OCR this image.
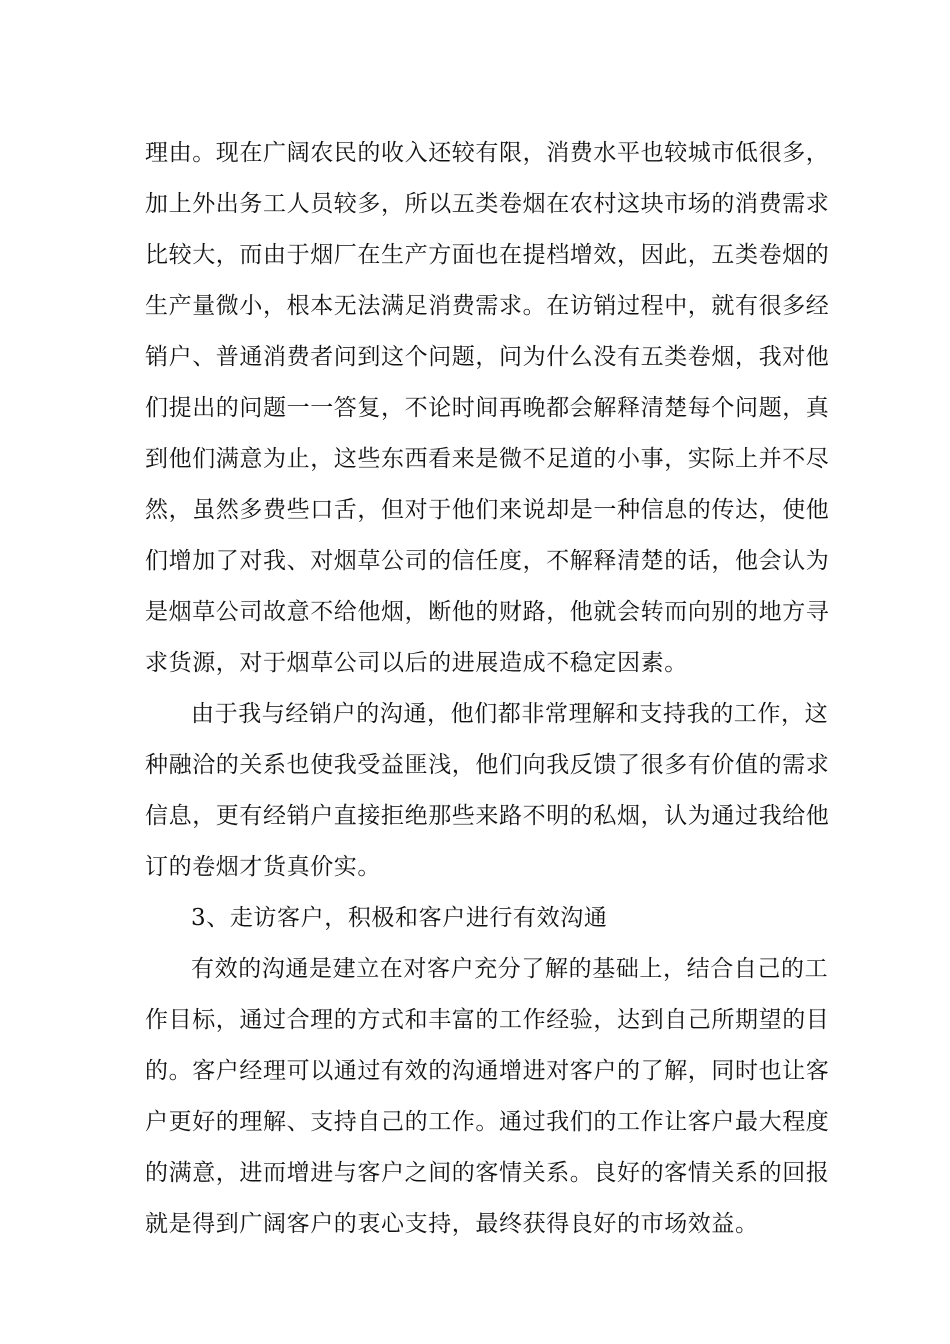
理由。现在广阔农民的收入还较有限，消费水平也较城市低很多，
加上外出务工人员较多，所以五类卷烟在农村这块市场的消费需求
比较大，而由于烟厂在生产方面也在提档增效，因此，五类卷烟的
生产量微小，根本无法满足消费需求。在访销过程中，就有很多经
销户、普通消费者问到这个问题，问为什么没有五类卷烟，我对他
们提出的问题一一答复，不论时间再晚都会解释清楚每个问题，真
到他们满意为止，这些东西看来是微不足道的小事，实际上并不尽
然，虽然多费些口舌，但对于他们来说却是一种信息的传达，使他
们增加了对我、对烟草公司的信任度，不解释清楚的话，他会认为
是烟草公司故意不给他烟，断他的财路，他就会转而向别的地方寻
求货源，对于烟草公司以后的进展造成不稳定因素。

由于我与经销户的沟通，他们都非常理解和支持我的工作，这
种融洽的关系也使我受益匪浅，他们向我反馈了很多有价值的需求
信息，更有经销户直接拒绝那些来路不明的私烟，认为通过我给他
订的卷烟才货真价实。

3、走访客户，积极和客户进行有效沟通

有效的沟通是建立在对客户充分了解的基础上，结合自己的工
作目标，通过合理的方式和丰富的工作经验，达到自己所期望的目
的。客户经理可以通过有效的沟通增进对客户的了解，同时也让客
户更好的理解、支持自己的工作。通过我们的工作让客户最大程度
的满意，进而增进与客户之间的客情关系。良好的客情关系的回报
就是得到广阔客户的衷心支持，最终获得良好的市场效益。
